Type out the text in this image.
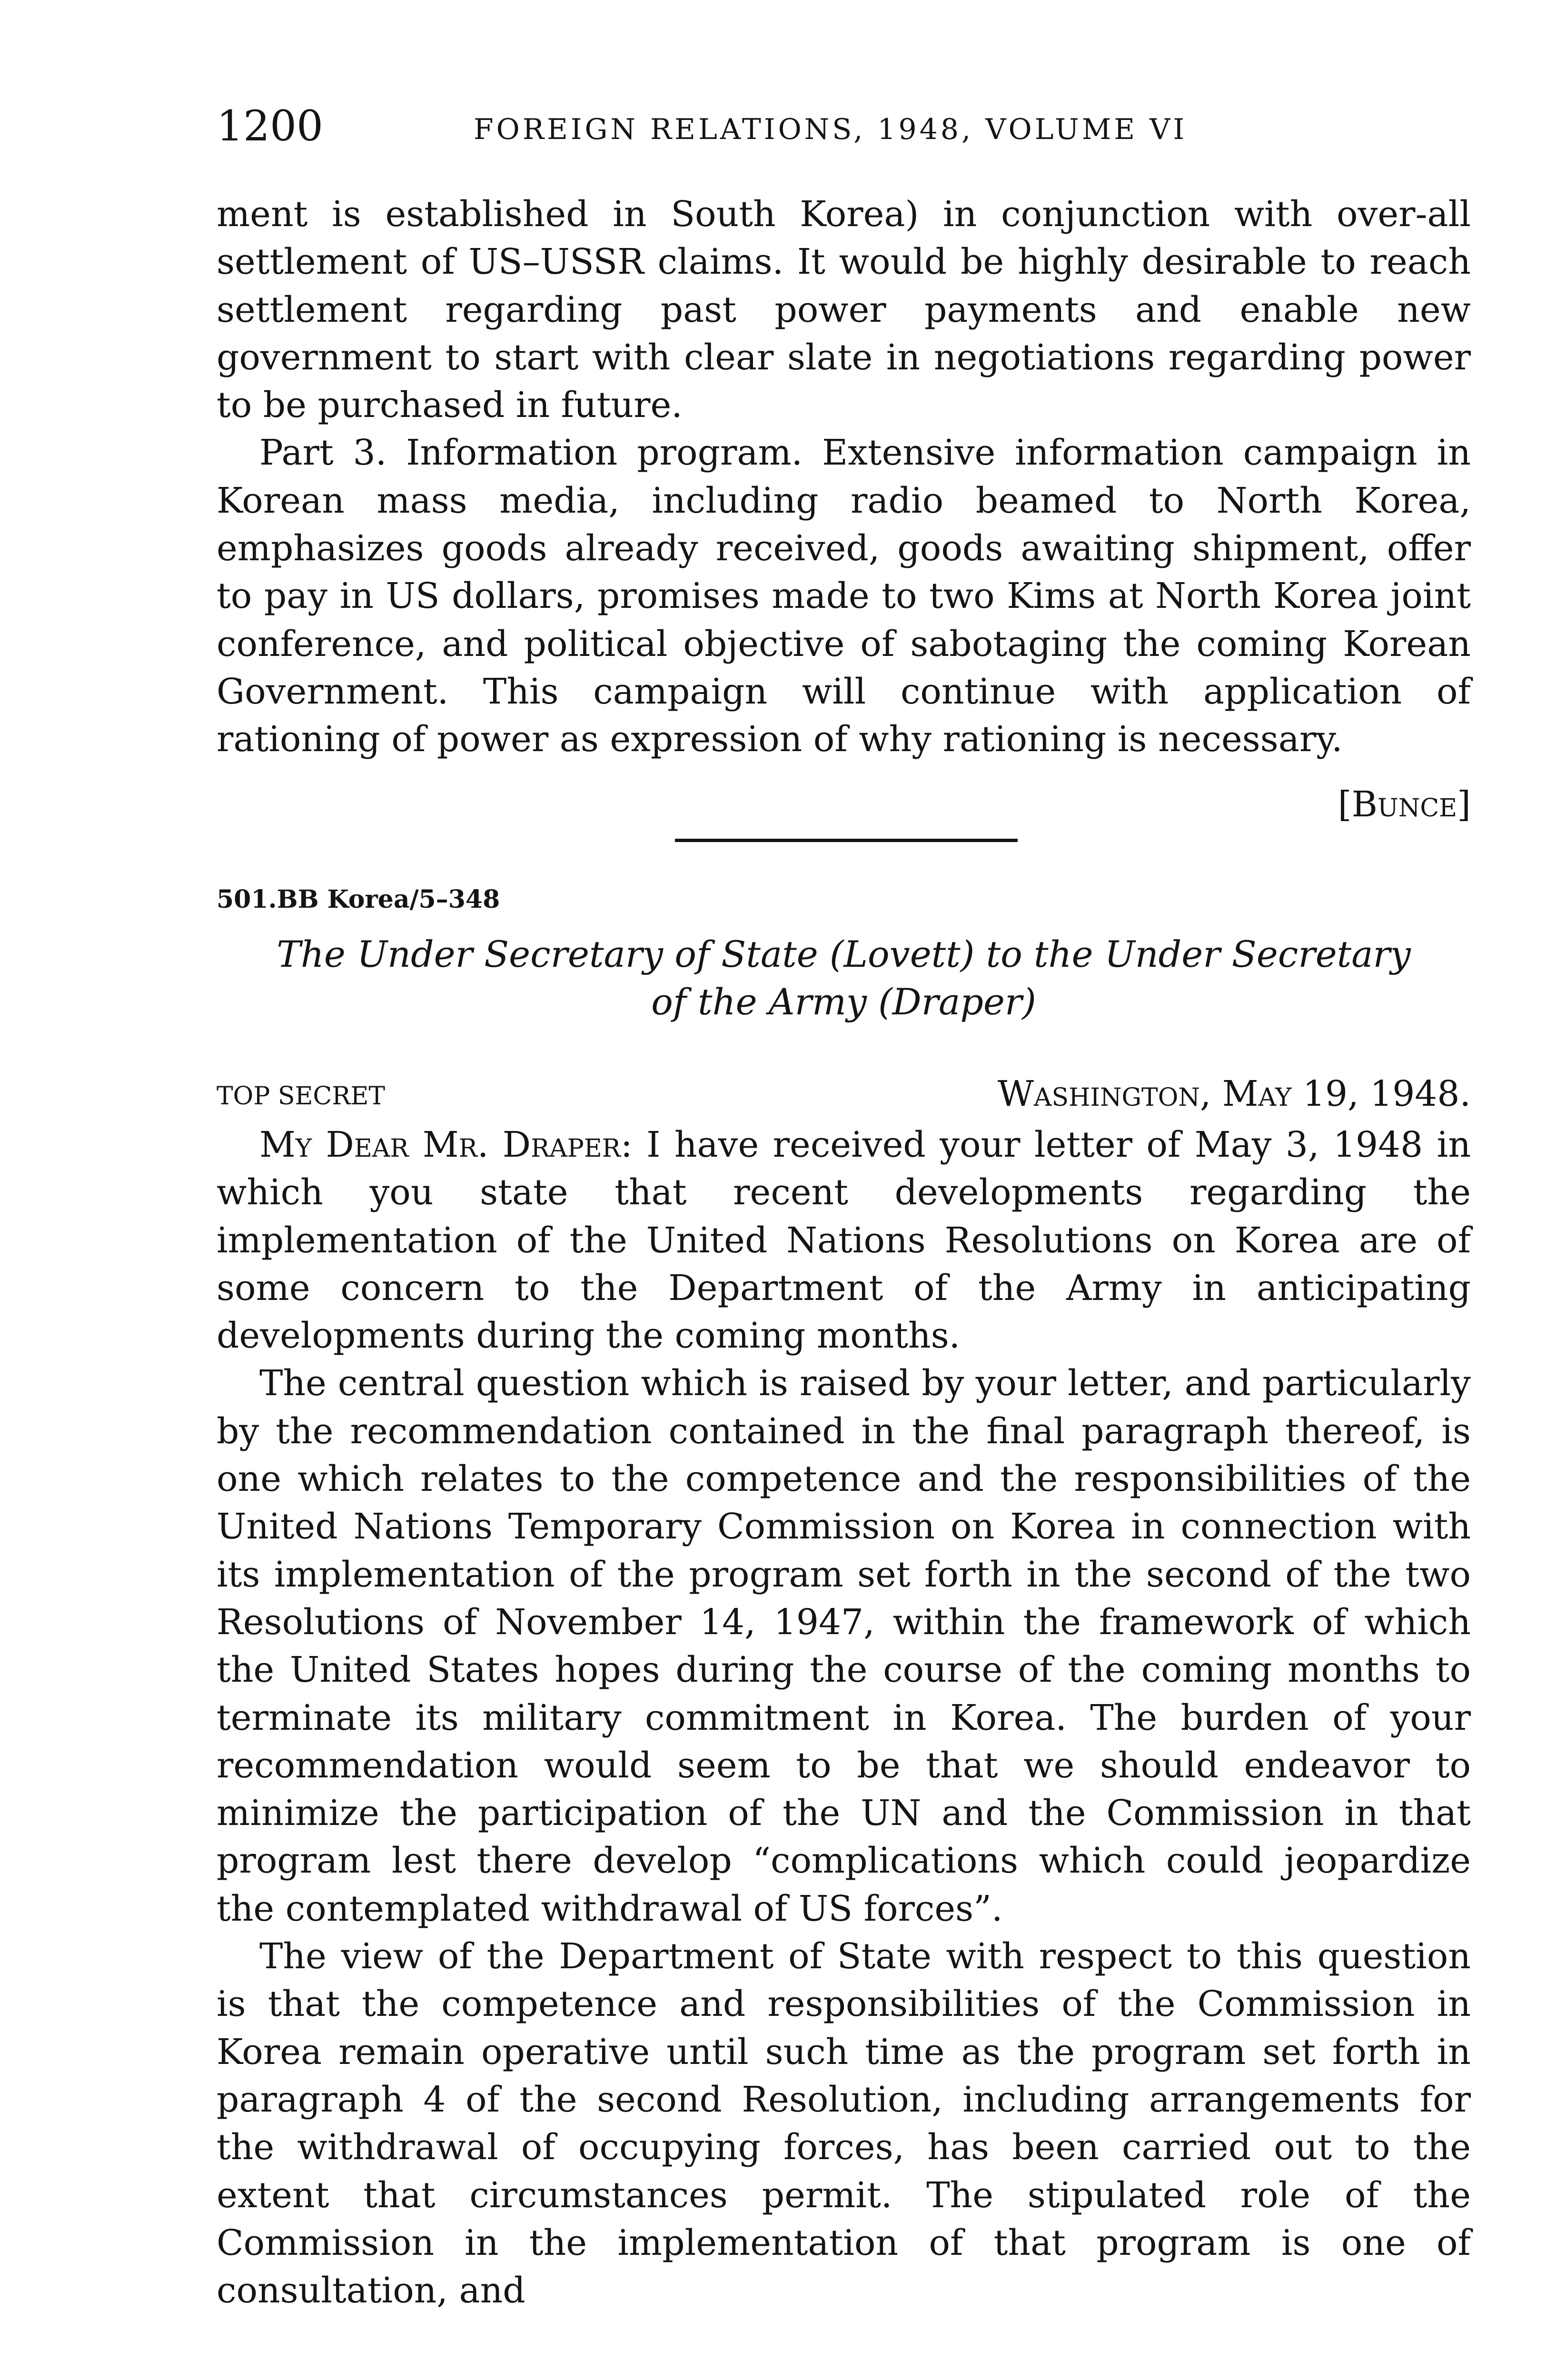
1200	FOREIGN RELATIONS, 1948, VOLUME VI

ment is established in South Korea) in conjunction with over-all settlement of US–USSR claims. It would be highly desirable to reach settlement regarding past power payments and enable new government to start with clear slate in negotiations regarding power to be purchased in future.

Part 3. Information program. Extensive information campaign in Korean mass media, including radio beamed to North Korea, emphasizes goods already received, goods awaiting shipment, offer to pay in US dollars, promises made to two Kims at North Korea joint conference, and political objective of sabotaging the coming Korean Government. This campaign will continue with application of rationing of power as expression of why rationing is necessary.

[Bunce]
501.BB Korea/5–348
The Under Secretary of State (Lovett) to the Under Secretary
of the Army (Draper)
TOP SECRET	Washington, May 19, 1948.

My Dear Mr. Draper: I have received your letter of May 3, 1948 in which you state that recent developments regarding the implementation of the United Nations Resolutions on Korea are of some concern to the Department of the Army in anticipating developments during the coming months.

The central question which is raised by your letter, and particularly by the recommendation contained in the final paragraph thereof, is one which relates to the competence and the responsibilities of the United Nations Temporary Commission on Korea in connection with its implementation of the program set forth in the second of the two Resolutions of November 14, 1947, within the framework of which the United States hopes during the course of the coming months to terminate its military commitment in Korea. The burden of your recommendation would seem to be that we should endeavor to minimize the participation of the UN and the Commission in that program lest there develop “complications which could jeopardize the contemplated withdrawal of US forces”.

The view of the Department of State with respect to this question is that the competence and responsibilities of the Commission in Korea remain operative until such time as the program set forth in paragraph 4 of the second Resolution, including arrangements for the withdrawal of occupying forces, has been carried out to the extent that circumstances permit. The stipulated role of the Commission in the implementation of that program is one of consultation, and
